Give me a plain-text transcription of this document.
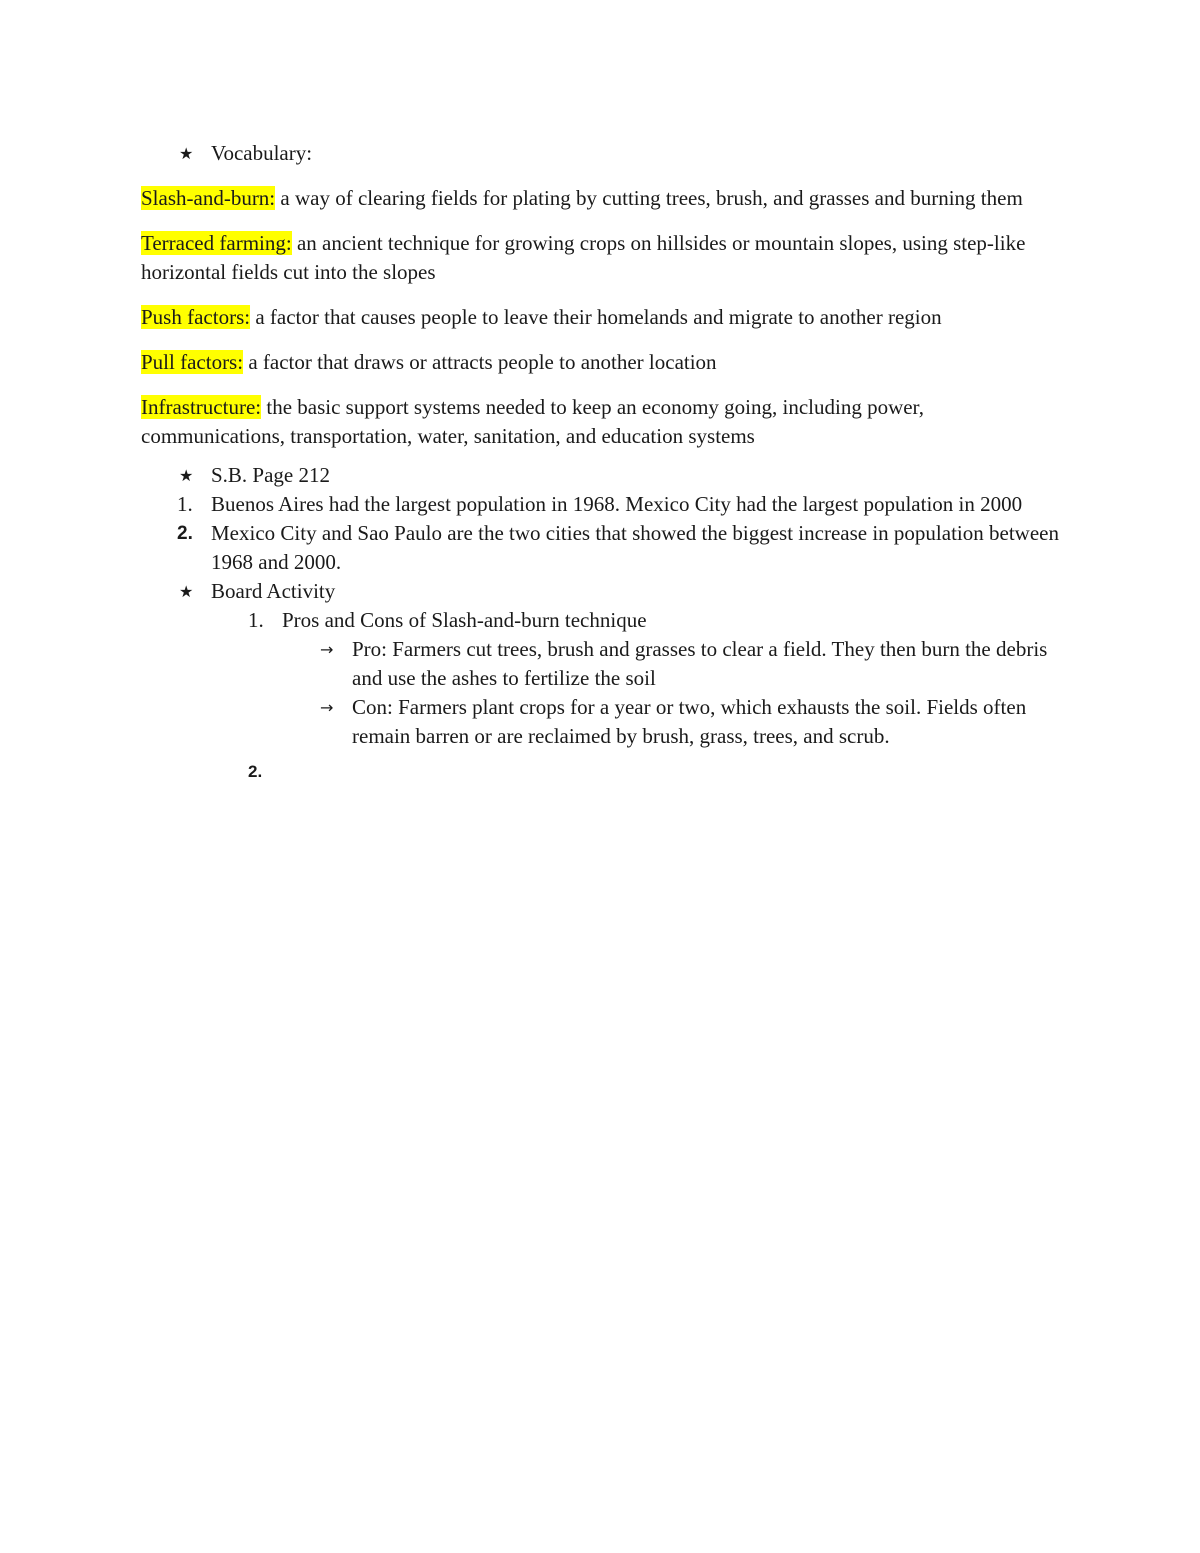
★ Vocabulary:
Slash-and-burn: a way of clearing fields for plating by cutting trees, brush, and grasses and burning them
Terraced farming: an ancient technique for growing crops on hillsides or mountain slopes, using step-like horizontal fields cut into the slopes
Push factors: a factor that causes people to leave their homelands and migrate to another region
Pull factors: a factor that draws or attracts people to another location
Infrastructure: the basic support systems needed to keep an economy going, including power, communications, transportation, water, sanitation, and education systems
★ S.B. Page 212
1. Buenos Aires had the largest population in 1968. Mexico City had the largest population in 2000
2. Mexico City and Sao Paulo are the two cities that showed the biggest increase in population between 1968 and 2000.
★ Board Activity
1. Pros and Cons of Slash-and-burn technique
→ Pro: Farmers cut trees, brush and grasses to clear a field. They then burn the debris and use the ashes to fertilize the soil
→ Con: Farmers plant crops for a year or two, which exhausts the soil. Fields often remain barren or are reclaimed by brush, grass, trees, and scrub.
2.
